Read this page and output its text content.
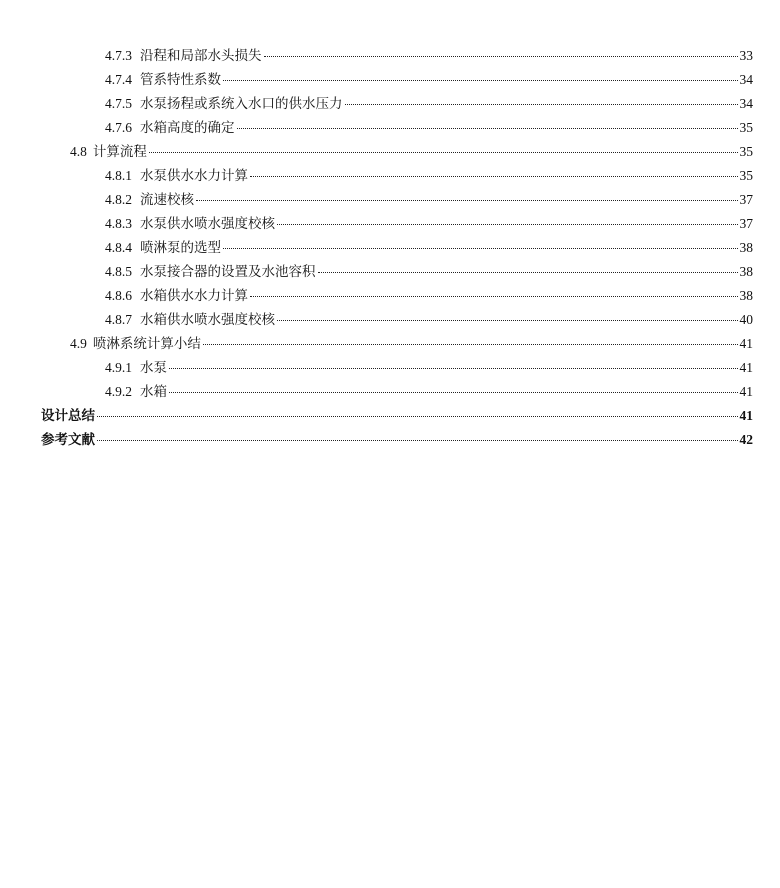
4.7.3 沿程和局部水头损失	33
4.7.4 管系特性系数	34
4.7.5 水泵扬程或系统入水口的供水压力	34
4.7.6 水箱高度的确定	35
4.8 计算流程	35
4.8.1 水泵供水水力计算	35
4.8.2 流速校核	37
4.8.3 水泵供水喷水强度校核	37
4.8.4 喷淋泵的选型	38
4.8.5 水泵接合器的设置及水池容积	38
4.8.6 水箱供水水力计算	38
4.8.7 水箱供水喷水强度校核	40
4.9 喷淋系统计算小结	41
4.9.1 水泵	41
4.9.2 水箱	41
设计总结	41
参考文献	42
